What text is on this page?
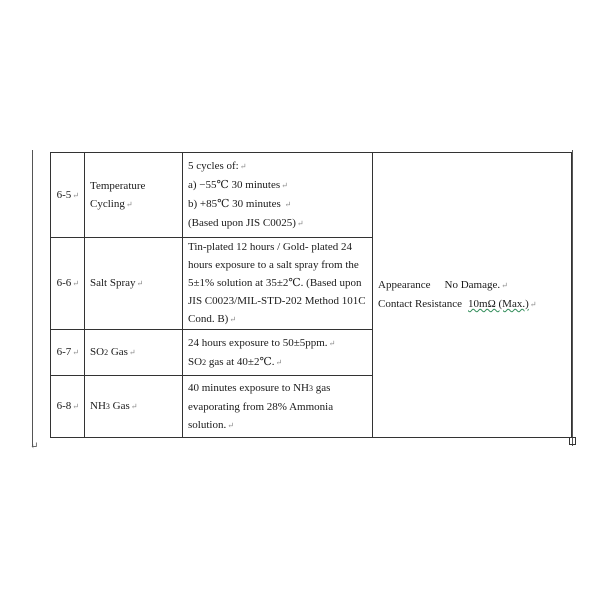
↵
6-5↵	Temperature
Cycling↵	5 cycles of:↵
a) −55℃ 30 minutes↵
b) +85℃ 30 minutes ↵
(Based upon JIS C0025)↵	Appearance No Damage.↵
Contact Resistance 10mΩ (Max.)↵

6-6↵	Salt Spray↵	Tin-plated 12 hours / Gold- plated 24
hours exposure to a salt spray from the
5±1% solution at 35±2℃. (Based upon
JIS C0023/MIL-STD-202 Method 101C
Cond. B)↵	

6-7↵	SO2 Gas↵	24 hours exposure to 50±5ppm.↵
SO2 gas at 40±2℃.↵	

6-8↵	NH3 Gas↵	40 minutes exposure to NH3 gas
evaporating from 28% Ammonia
solution.↵	
